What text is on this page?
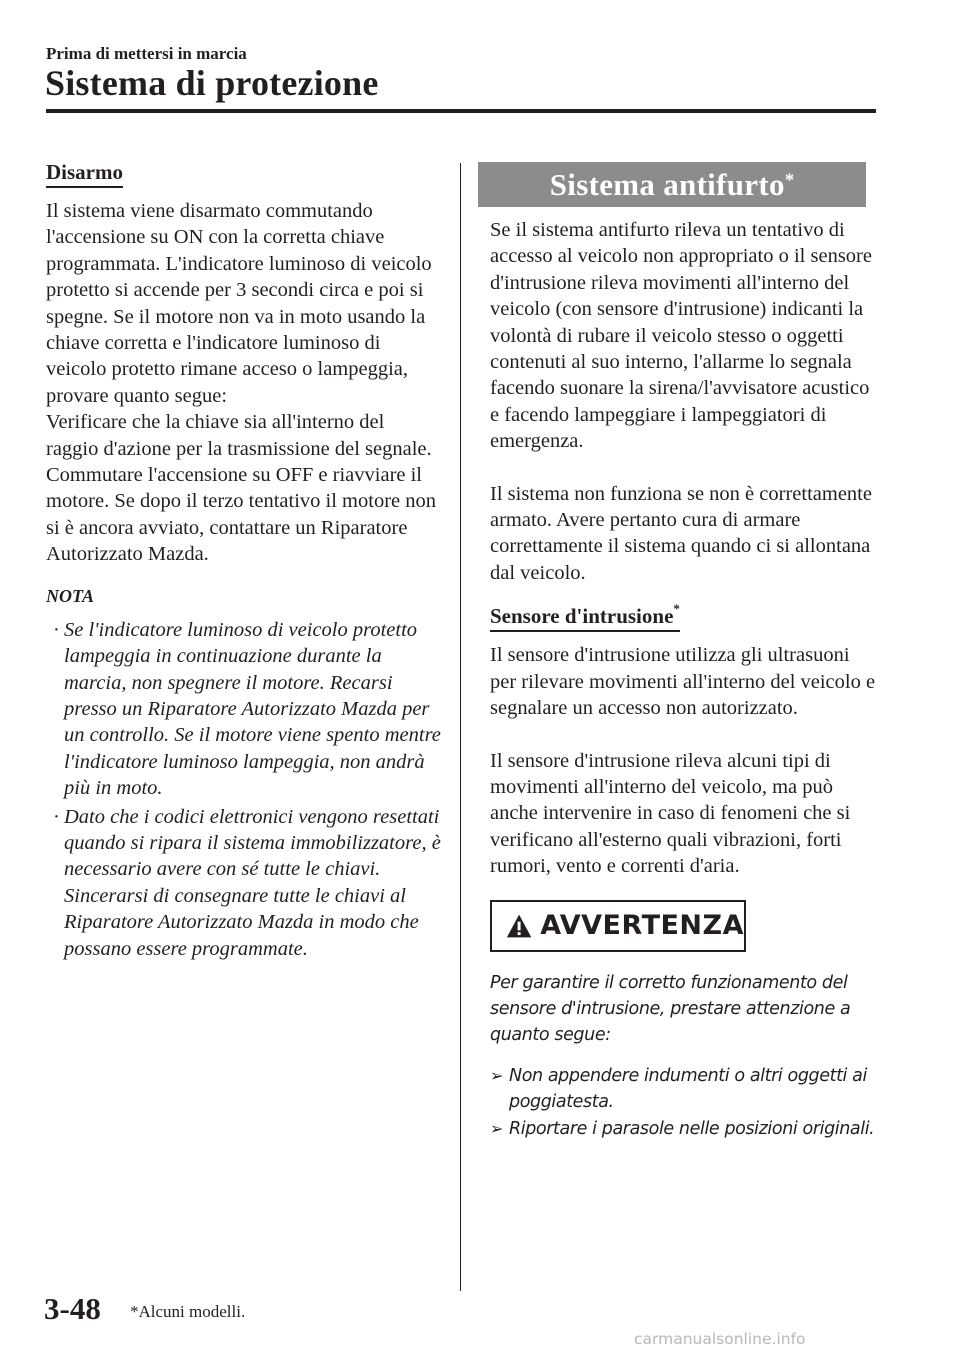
Prima di mettersi in marcia
Sistema di protezione
Disarmo

Il sistema viene disarmato commutando l'accensione su ON con la corretta chiave programmata. L'indicatore luminoso di veicolo protetto si accende per 3 secondi circa e poi si spegne. Se il motore non va in moto usando la chiave corretta e l'indicatore luminoso di veicolo protetto rimane acceso o lampeggia, provare quanto segue:

Verificare che la chiave sia all'interno del raggio d'azione per la trasmissione del segnale. Commutare l'accensione su OFF e riavviare il motore. Se dopo il terzo tentativo il motore non si è ancora avviato, contattare un Riparatore Autorizzato Mazda.

NOTA
· Se l'indicatore luminoso di veicolo protetto lampeggia in continuazione durante la marcia, non spegnere il motore. Recarsi presso un Riparatore Autorizzato Mazda per un controllo. Se il motore viene spento mentre l'indicatore luminoso lampeggia, non andrà più in moto.
· Dato che i codici elettronici vengono resettati quando si ripara il sistema immobilizzatore, è necessario avere con sé tutte le chiavi. Sincerarsi di consegnare tutte le chiavi al Riparatore Autorizzato Mazda in modo che possano essere programmate.
Sistema antifurto *

Se il sistema antifurto rileva un tentativo di accesso al veicolo non appropriato o il sensore d'intrusione rileva movimenti all'interno del veicolo (con sensore d'intrusione) indicanti la volontà di rubare il veicolo stesso o oggetti contenuti al suo interno, l'allarme lo segnala facendo suonare la sirena/l'avvisatore acustico e facendo lampeggiare i lampeggiatori di emergenza.

Il sistema non funziona se non è correttamente armato. Avere pertanto cura di armare correttamente il sistema quando ci si allontana dal veicolo.

Sensore d'intrusione*

Il sensore d'intrusione utilizza gli ultrasuoni per rilevare movimenti all'interno del veicolo e segnalare un accesso non autorizzato.

Il sensore d'intrusione rileva alcuni tipi di movimenti all'interno del veicolo, ma può anche intervenire in caso di fenomeni che si verificano all'esterno quali vibrazioni, forti rumori, vento e correnti d'aria.

AVVERTENZA
Per garantire il corretto funzionamento del sensore d'intrusione, prestare attenzione a quanto segue:
➢ Non appendere indumenti o altri oggetti ai poggiatesta.
➢ Riportare i parasole nelle posizioni originali.
3-48 *Alcuni modelli.
carmanualsonline.info
